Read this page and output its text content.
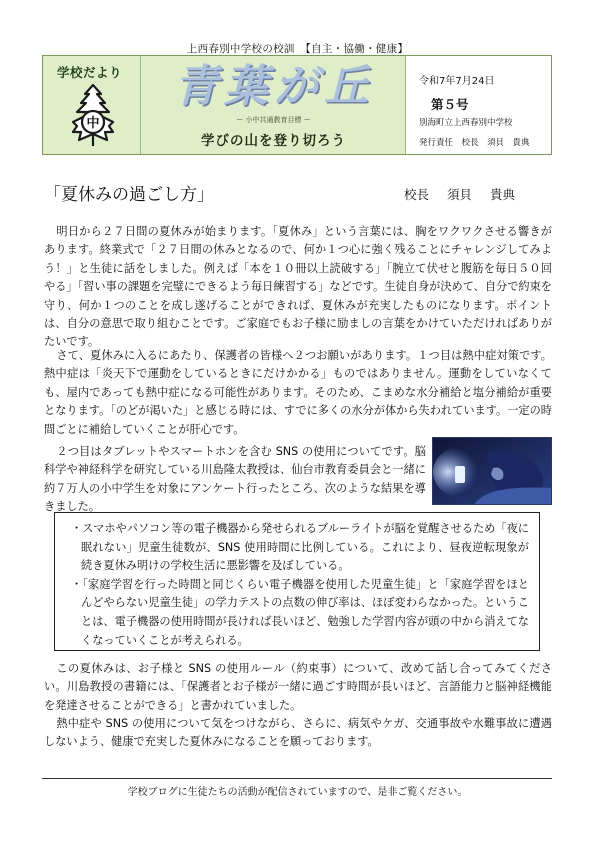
上西春別中学校の校訓　【自主・協働・健康】
学校だより
中
青葉が丘
ー 小中共通教育目標 ー
学びの山を登り切ろう
令和7年7月24日
第５号
別海町立上西春別中学校
発行責任　校長　須貝　貴典
「夏休みの過ごし方」	校長 須貝 貴典

明日から２７日間の夏休みが始まります。「夏休み」という言葉には、胸をワクワクさせる響きがあります。終業式で「２７日間の休みとなるので、何か１つ心に強く残ることにチャレンジしてみよう！」と生徒に話をしました。例えば「本を１０冊以上読破する」「腕立て伏せと腹筋を毎日５０回やる」「習い事の課題を完璧にできるよう毎日練習する」などです。生徒自身が決めて、自分で約束を守り、何か１つのことを成し遂げることができれば、夏休みが充実したものになります。ポイントは、自分の意思で取り組むことです。ご家庭でもお子様に励ましの言葉をかけていただければありがたいです。

さて、夏休みに入るにあたり、保護者の皆様へ２つお願いがあります。１つ目は熱中症対策です。熱中症は「炎天下で運動をしているときにだけかかる」ものではありません。運動をしていなくても、屋内であっても熱中症になる可能性があります。そのため、こまめな水分補給と塩分補給が重要となります。「のどが渇いた」と感じる時には、すでに多くの水分が体から失われています。一定の時間ごとに補給していくことが肝心です。

２つ目はタブレットやスマートホンを含む SNS の使用についてです。脳科学や神経科学を研究している川島隆太教授は、仙台市教育委員会と一緒に約７万人の小中学生を対象にアンケート行ったところ、次のような結果を導きました。

・ スマホやパソコン等の電子機器から発せられるブルーライトが脳を覚醒させるため「夜に眠れない」児童生徒数が、SNS 使用時間に比例している。これにより、昼夜逆転現象が続き夏休み明けの学校生活に悪影響を及ぼしている。
・ 「家庭学習を行った時間と同じくらい電子機器を使用した児童生徒」と「家庭学習をほとんどやらない児童生徒」の学力テストの点数の伸び率は、ほぼ変わらなかった。ということは、電子機器の使用時間が長ければ長いほど、勉強した学習内容が頭の中から消えてなくなっていくことが考えられる。

この夏休みは、お子様と SNS の使用ルール（約束事）について、改めて話し合ってみてください。川島教授の書籍には、「保護者とお子様が一緒に過ごす時間が長いほど、言語能力と脳神経機能を発達させることができる」と書かれていました。

熱中症や SNS の使用について気をつけながら、さらに、病気やケガ、交通事故や水難事故に遭遇しないよう、健康で充実した夏休みになることを願っております。

学校ブログに生徒たちの活動が配信されていますので、是非ご覧ください。
